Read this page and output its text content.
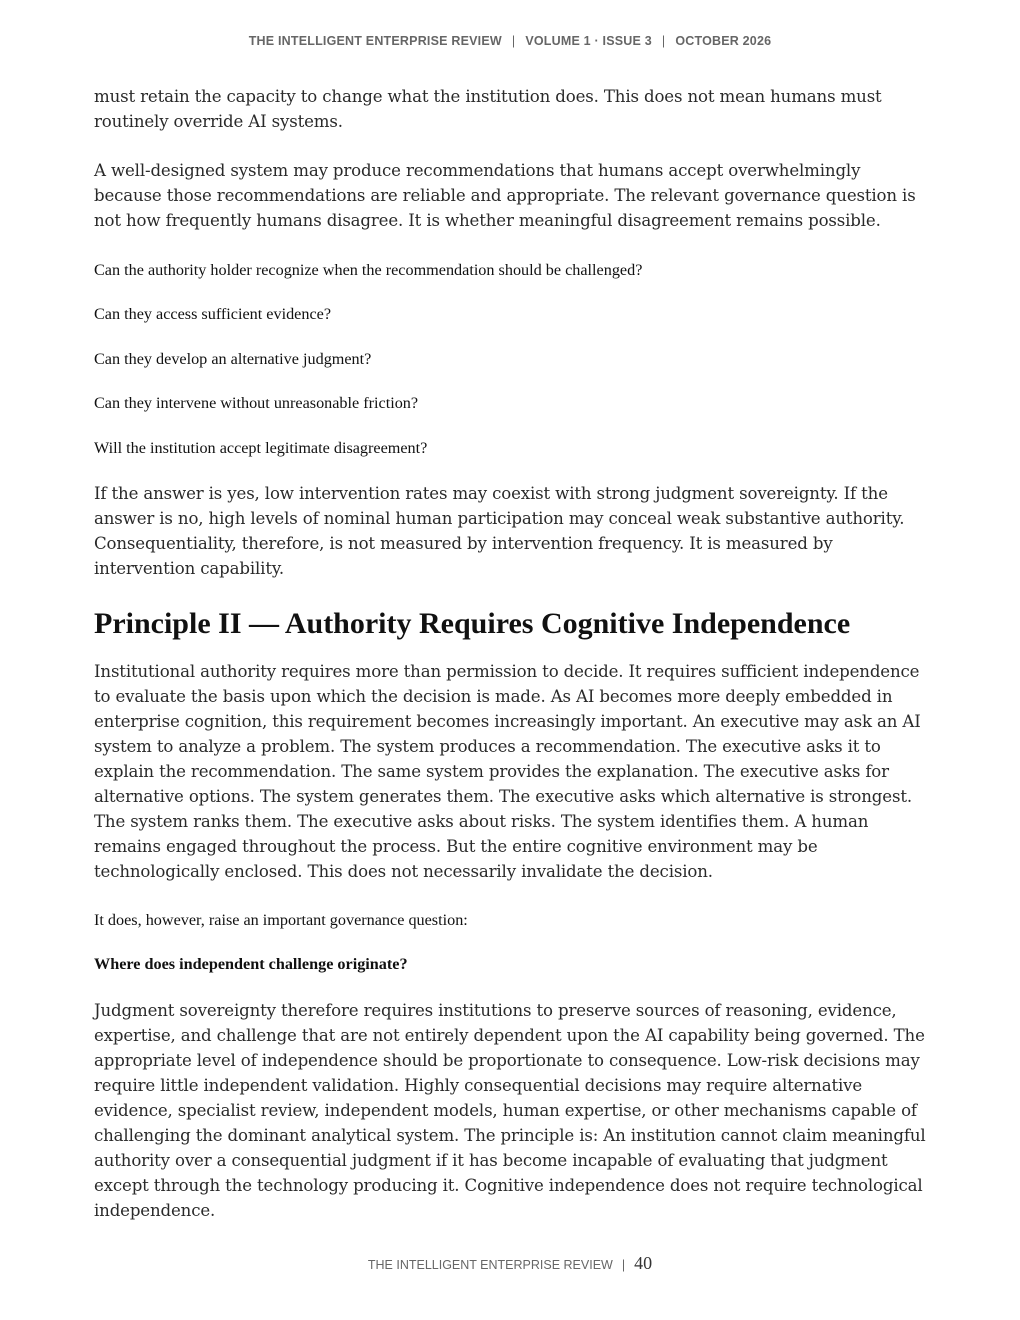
THE INTELLIGENT ENTERPRISE REVIEW | VOLUME 1 · ISSUE 3 | OCTOBER 2026

must retain the capacity to change what the institution does. This does not mean humans must routinely override AI systems.

A well-designed system may produce recommendations that humans accept overwhelmingly because those recommendations are reliable and appropriate. The relevant governance question is not how frequently humans disagree. It is whether meaningful disagreement remains possible.

Can the authority holder recognize when the recommendation should be challenged?

Can they access sufficient evidence?

Can they develop an alternative judgment?

Can they intervene without unreasonable friction?

Will the institution accept legitimate disagreement?

If the answer is yes, low intervention rates may coexist with strong judgment sovereignty. If the answer is no, high levels of nominal human participation may conceal weak substantive authority. Consequentiality, therefore, is not measured by intervention frequency. It is measured by intervention capability.

Principle II — Authority Requires Cognitive Independence

Institutional authority requires more than permission to decide. It requires sufficient independence to evaluate the basis upon which the decision is made. As AI becomes more deeply embedded in enterprise cognition, this requirement becomes increasingly important. An executive may ask an AI system to analyze a problem. The system produces a recommendation. The executive asks it to explain the recommendation. The same system provides the explanation. The executive asks for alternative options. The system generates them. The executive asks which alternative is strongest. The system ranks them. The executive asks about risks. The system identifies them. A human remains engaged throughout the process. But the entire cognitive environment may be technologically enclosed. This does not necessarily invalidate the decision.

It does, however, raise an important governance question:

Where does independent challenge originate?

Judgment sovereignty therefore requires institutions to preserve sources of reasoning, evidence, expertise, and challenge that are not entirely dependent upon the AI capability being governed. The appropriate level of independence should be proportionate to consequence. Low-risk decisions may require little independent validation. Highly consequential decisions may require alternative evidence, specialist review, independent models, human expertise, or other mechanisms capable of challenging the dominant analytical system. The principle is: An institution cannot claim meaningful authority over a consequential judgment if it has become incapable of evaluating that judgment except through the technology producing it. Cognitive independence does not require technological independence.

THE INTELLIGENT ENTERPRISE REVIEW | 40
